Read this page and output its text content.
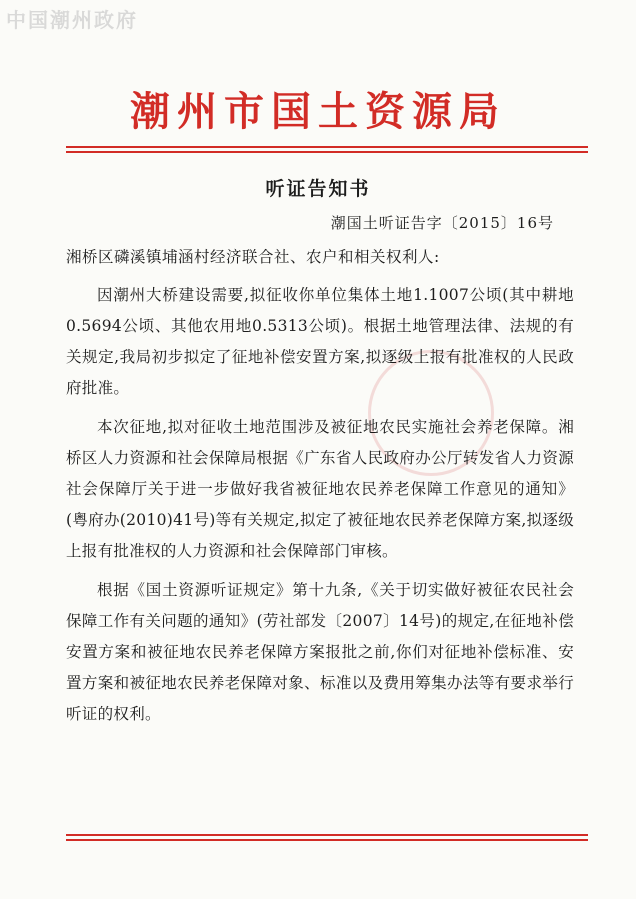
中国潮州政府
潮州市国土资源局
听证告知书
潮国土听证告字〔2015〕16号
湘桥区磷溪镇埔涵村经济联合社、农户和相关权利人:

因潮州大桥建设需要,拟征收你单位集体土地1.1007公顷(其中耕地0.5694公顷、其他农用地0.5313公顷)。根据土地管理法律、法规的有关规定,我局初步拟定了征地补偿安置方案,拟逐级上报有批准权的人民政府批准。

本次征地,拟对征收土地范围涉及被征地农民实施社会养老保障。湘桥区人力资源和社会保障局根据《广东省人民政府办公厅转发省人力资源社会保障厅关于进一步做好我省被征地农民养老保障工作意见的通知》(粤府办(2010)41号)等有关规定,拟定了被征地农民养老保障方案,拟逐级上报有批准权的人力资源和社会保障部门审核。

根据《国土资源听证规定》第十九条,《关于切实做好被征农民社会保障工作有关问题的通知》(劳社部发〔2007〕14号)的规定,在征地补偿安置方案和被征地农民养老保障方案报批之前,你们对征地补偿标准、安置方案和被征地农民养老保障对象、标准以及费用筹集办法等有要求举行听证的权利。
